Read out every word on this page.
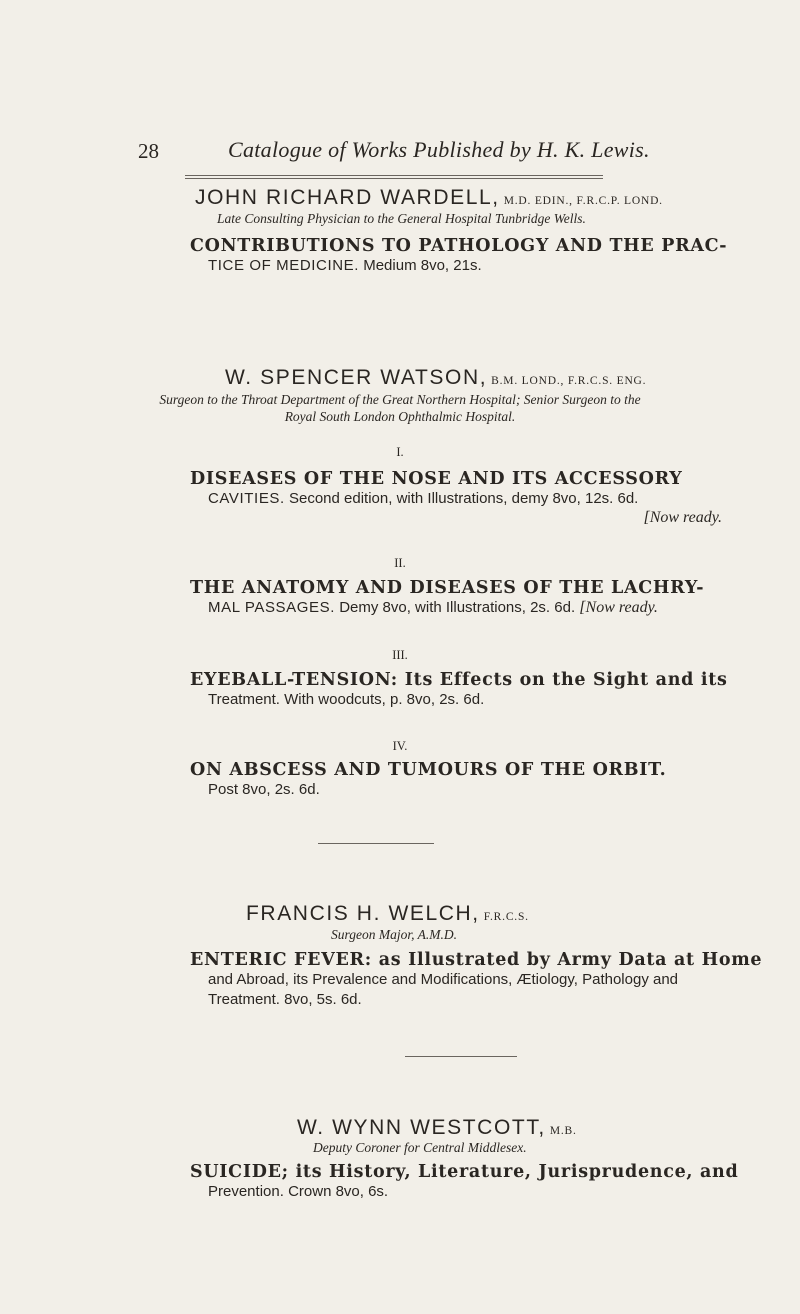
28	Catalogue of Works Published by H. K. Lewis.
JOHN RICHARD WARDELL, M.D. EDIN., F.R.C.P. LOND.
Late Consulting Physician to the General Hospital Tunbridge Wells.
CONTRIBUTIONS TO PATHOLOGY AND THE PRAC-
TICE OF MEDICINE. Medium 8vo, 21s.
W. SPENCER WATSON, B.M. LOND., F.R.C.S. ENG.
Surgeon to the Throat Department of the Great Northern Hospital; Senior Surgeon to the
Royal South London Ophthalmic Hospital.
I.
DISEASES OF THE NOSE AND ITS ACCESSORY
CAVITIES. Second edition, with Illustrations, demy 8vo, 12s. 6d.
[Now ready.
II.
THE ANATOMY AND DISEASES OF THE LACHRY-
MAL PASSAGES. Demy 8vo, with Illustrations, 2s. 6d. [Now ready.
III.
EYEBALL-TENSION: Its Effects on the Sight and its
Treatment. With woodcuts, p. 8vo, 2s. 6d.
IV.
ON ABSCESS AND TUMOURS OF THE ORBIT.
Post 8vo, 2s. 6d.
FRANCIS H. WELCH, F.R.C.S.
Surgeon Major, A.M.D.
ENTERIC FEVER: as Illustrated by Army Data at Home
and Abroad, its Prevalence and Modifications, Ætiology, Pathology and
Treatment. 8vo, 5s. 6d.
W. WYNN WESTCOTT, M.B.
Deputy Coroner for Central Middlesex.
SUICIDE; its History, Literature, Jurisprudence, and
Prevention. Crown 8vo, 6s.
